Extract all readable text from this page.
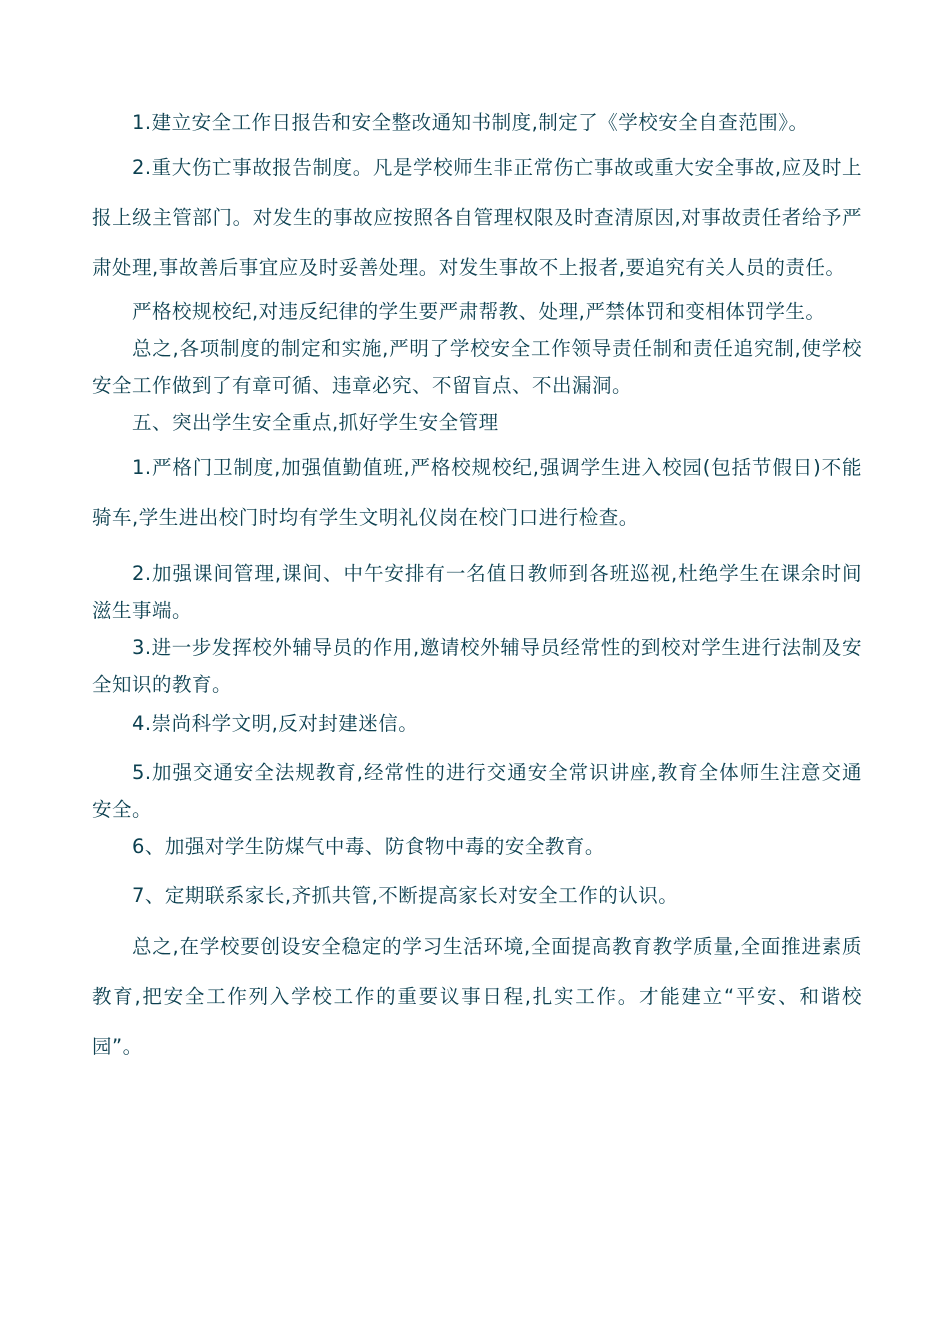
1.建立安全工作日报告和安全整改通知书制度,制定了《学校安全自查范围》。

2.重大伤亡事故报告制度。凡是学校师生非正常伤亡事故或重大安全事故,应及时上报上级主管部门。对发生的事故应按照各自管理权限及时查清原因,对事故责任者给予严肃处理,事故善后事宜应及时妥善处理。对发生事故不上报者,要追究有关人员的责任。

严格校规校纪,对违反纪律的学生要严肃帮教、处理,严禁体罚和变相体罚学生。

总之,各项制度的制定和实施,严明了学校安全工作领导责任制和责任追究制,使学校安全工作做到了有章可循、违章必究、不留盲点、不出漏洞。

五、突出学生安全重点,抓好学生安全管理

1.严格门卫制度,加强值勤值班,严格校规校纪,强调学生进入校园(包括节假日)不能骑车,学生进出校门时均有学生文明礼仪岗在校门口进行检查。

2.加强课间管理,课间、中午安排有一名值日教师到各班巡视,杜绝学生在课余时间滋生事端。

3.进一步发挥校外辅导员的作用,邀请校外辅导员经常性的到校对学生进行法制及安全知识的教育。

4.崇尚科学文明,反对封建迷信。

5.加强交通安全法规教育,经常性的进行交通安全常识讲座,教育全体师生注意交通安全。

6、加强对学生防煤气中毒、防食物中毒的安全教育。

7、定期联系家长,齐抓共管,不断提高家长对安全工作的认识。

总之,在学校要创设安全稳定的学习生活环境,全面提高教育教学质量,全面推进素质教育,把安全工作列入学校工作的重要议事日程,扎实工作。才能建立“平安、和谐校园”。
